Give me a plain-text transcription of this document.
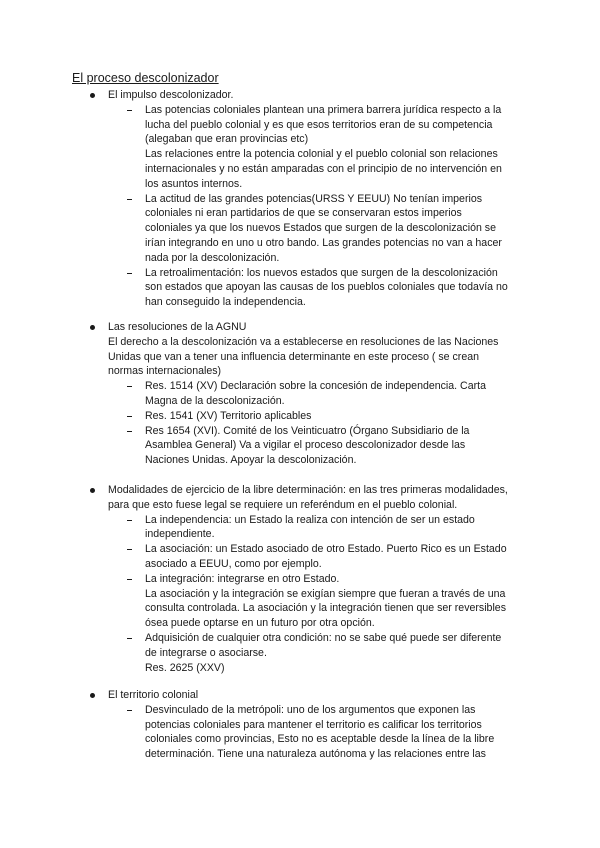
El proceso descolonizador
El impulso descolonizador.
Las potencias coloniales plantean una primera barrera jurídica respecto a la
lucha del pueblo colonial y es que esos territorios eran de su competencia
(alegaban que eran provincias etc)
Las relaciones entre la potencia colonial y el pueblo colonial son relaciones
internacionales y no están amparadas con el principio de no intervención en
los asuntos internos.
La actitud de las grandes potencias(URSS Y EEUU) No tenían imperios
coloniales ni eran partidarios de que se conservaran estos imperios
coloniales ya que los nuevos Estados que surgen de la descolonización se
irían integrando en uno u otro bando. Las grandes potencias no van a hacer
nada por la descolonización.
La retroalimentación: los nuevos estados que surgen de la descolonización
son estados que apoyan las causas de los pueblos coloniales que todavía no
han conseguido la independencia.
Las resoluciones de la AGNU
El derecho a la descolonización va a establecerse en resoluciones de las Naciones
Unidas que van a tener una influencia determinante en este proceso ( se crean
normas internacionales)
Res. 1514 (XV) Declaración sobre la concesión de independencia. Carta
Magna de la descolonización.
Res. 1541 (XV) Territorio aplicables
Res 1654 (XVI). Comité de los Veinticuatro (Órgano Subsidiario de la
Asamblea General) Va a vigilar el proceso descolonizador desde las
Naciones Unidas. Apoyar la descolonización.
Modalidades de ejercicio de la libre determinación: en las tres primeras modalidades,
para que esto fuese legal se requiere un referéndum en el pueblo colonial.
La independencia: un Estado la realiza con intención de ser un estado
independiente.
La asociación: un Estado asociado de otro Estado. Puerto Rico es un Estado
asociado a EEUU, como por ejemplo.
La integración: integrarse en otro Estado.
La asociación y la integración se exigían siempre que fueran a través de una
consulta controlada. La asociación y la integración tienen que ser reversibles
ósea puede optarse en un futuro por otra opción.
Adquisición de cualquier otra condición: no se sabe qué puede ser diferente
de integrarse o asociarse.
Res. 2625 (XXV)
El territorio colonial
Desvinculado de la metrópoli: uno de los argumentos que exponen las
potencias coloniales para mantener el territorio es calificar los territorios
coloniales como provincias, Esto no es aceptable desde la línea de la libre
determinación. Tiene una naturaleza autónoma y las relaciones entre las
